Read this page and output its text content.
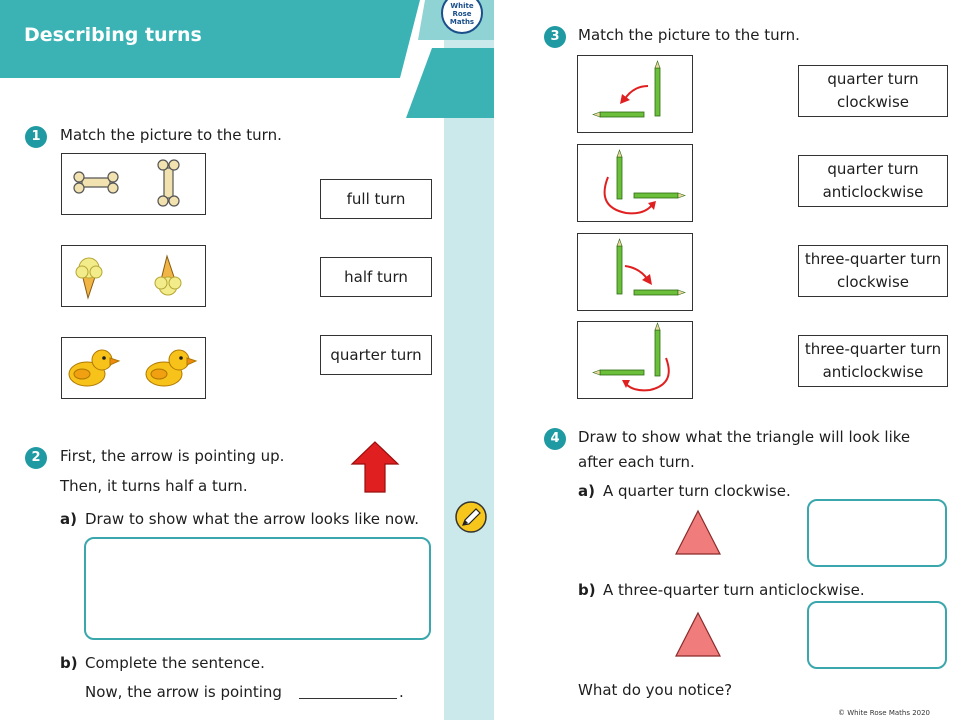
Describing turns
White
Rose
Maths
1	Match the picture to the turn.
full turn
half turn
quarter turn
2	First, the arrow is pointing up.
Then, it turns half a turn.
a) Draw to show what the arrow looks like now.
b) Complete the sentence.
Now, the arrow is pointing	.
3	Match the picture to the turn.
quarter turn
clockwise
quarter turn
anticlockwise
three-quarter turn
clockwise
three-quarter turn
anticlockwise
4	Draw to show what the triangle will look like
after each turn.
a) A quarter turn clockwise.
b) A three-quarter turn anticlockwise.
What do you notice?
© White Rose Maths 2020
